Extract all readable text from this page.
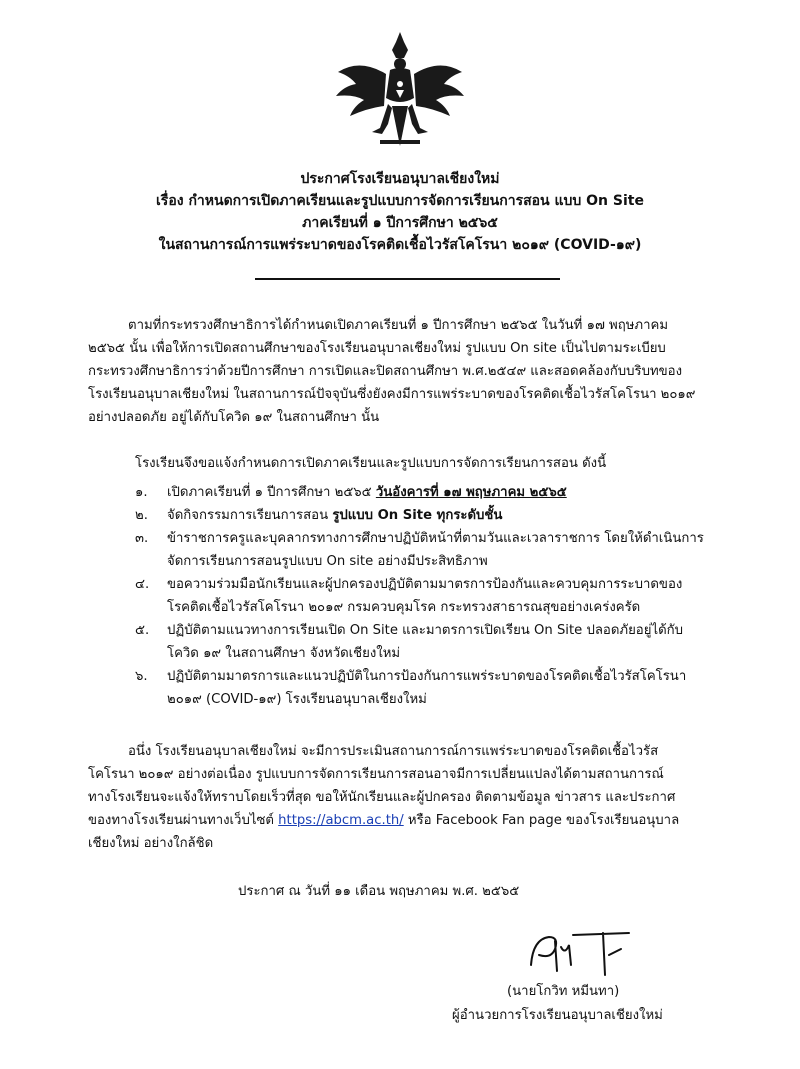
ประกาศโรงเรียนอนุบาลเชียงใหม่
เรื่อง กำหนดการเปิดภาคเรียนและรูปแบบการจัดการเรียนการสอน แบบ On Site
ภาคเรียนที่ ๑ ปีการศึกษา ๒๕๖๕
ในสถานการณ์การแพร่ระบาดของโรคติดเชื้อไวรัสโคโรนา ๒๐๑๙ (COVID-๑๙)
ตามที่กระทรวงศึกษาธิการได้กำหนดเปิดภาคเรียนที่ ๑ ปีการศึกษา ๒๕๖๕ ในวันที่ ๑๗ พฤษภาคม
๒๕๖๕ นั้น เพื่อให้การเปิดสถานศึกษาของโรงเรียนอนุบาลเชียงใหม่ รูปแบบ On site เป็นไปตามระเบียบ
กระทรวงศึกษาธิการว่าด้วยปีการศึกษา การเปิดและปิดสถานศึกษา พ.ศ.๒๕๔๙ และสอดคล้องกับบริบทของ
โรงเรียนอนุบาลเชียงใหม่ ในสถานการณ์ปัจจุบันซึ่งยังคงมีการแพร่ระบาดของโรคติดเชื้อไวรัสโคโรนา ๒๐๑๙
อย่างปลอดภัย อยู่ได้กับโควิด ๑๙ ในสถานศึกษา นั้น
โรงเรียนจึงขอแจ้งกำหนดการเปิดภาคเรียนและรูปแบบการจัดการเรียนการสอน ดังนี้
๑. เปิดภาคเรียนที่ ๑ ปีการศึกษา ๒๕๖๕ วันอังคารที่ ๑๗ พฤษภาคม ๒๕๖๕
๒. จัดกิจกรรมการเรียนการสอน รูปแบบ On Site ทุกระดับชั้น
๓. ข้าราชการครูและบุคลากรทางการศึกษาปฏิบัติหน้าที่ตามวันและเวลาราชการ โดยให้ดำเนินการ
จัดการเรียนการสอนรูปแบบ On site อย่างมีประสิทธิภาพ
๔. ขอความร่วมมือนักเรียนและผู้ปกครองปฏิบัติตามมาตรการป้องกันและควบคุมการระบาดของ
โรคติดเชื้อไวรัสโคโรนา ๒๐๑๙ กรมควบคุมโรค กระทรวงสาธารณสุขอย่างเคร่งครัด
๕. ปฏิบัติตามแนวทางการเรียนเปิด On Site และมาตรการเปิดเรียน On Site ปลอดภัยอยู่ได้กับ
โควิด ๑๙ ในสถานศึกษา จังหวัดเชียงใหม่
๖. ปฏิบัติตามมาตรการและแนวปฏิบัติในการป้องกันการแพร่ระบาดของโรคติดเชื้อไวรัสโคโรนา
๒๐๑๙ (COVID-๑๙) โรงเรียนอนุบาลเชียงใหม่
อนึ่ง โรงเรียนอนุบาลเชียงใหม่ จะมีการประเมินสถานการณ์การแพร่ระบาดของโรคติดเชื้อไวรัส
โคโรนา ๒๐๑๙ อย่างต่อเนื่อง รูปแบบการจัดการเรียนการสอนอาจมีการเปลี่ยนแปลงได้ตามสถานการณ์
ทางโรงเรียนจะแจ้งให้ทราบโดยเร็วที่สุด ขอให้นักเรียนและผู้ปกครอง ติดตามข้อมูล ข่าวสาร และประกาศ
ของทางโรงเรียนผ่านทางเว็บไซต์ https://abcm.ac.th/ หรือ Facebook Fan page ของโรงเรียนอนุบาล
เชียงใหม่ อย่างใกล้ชิด
ประกาศ ณ วันที่ ๑๑ เดือน พฤษภาคม พ.ศ. ๒๕๖๕
(นายโกวิท หมีนทา)
ผู้อำนวยการโรงเรียนอนุบาลเชียงใหม่
